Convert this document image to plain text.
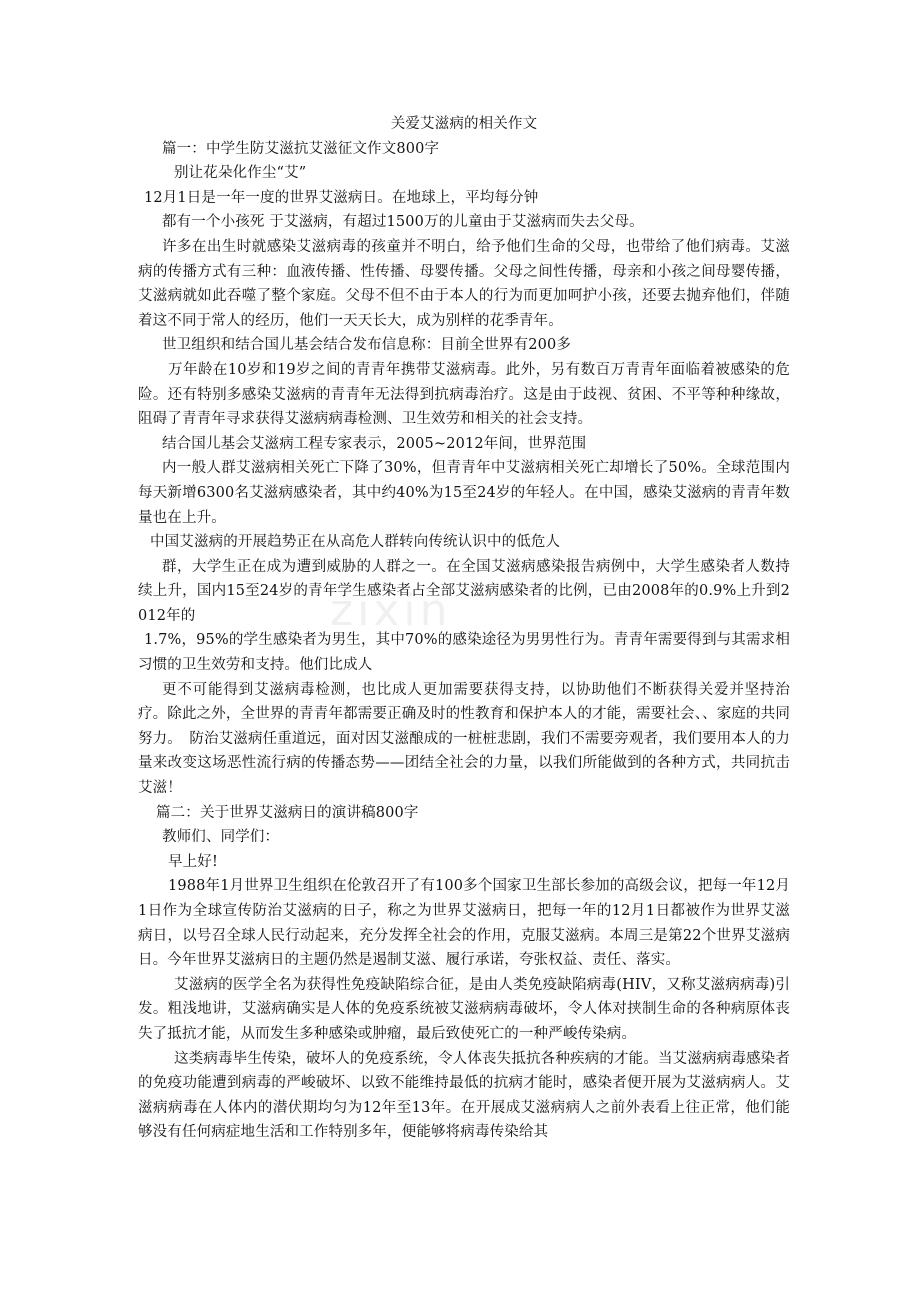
关爱艾滋病的相关作文

篇一：中学生防艾滋抗艾滋征文作文800字

别让花朵化作尘“艾”

12月1日是一年一度的世界艾滋病日。在地球上，平均每分钟

都有一个小孩死 于艾滋病，有超过1500万的儿童由于艾滋病而失去父母。

许多在出生时就感染艾滋病毒的孩童并不明白，给予他们生命的父母，也带给了他们病毒。艾滋病的传播方式有三种：血液传播、性传播、母婴传播。父母之间性传播，母亲和小孩之间母婴传播，艾滋病就如此吞噬了整个家庭。父母不但不由于本人的行为而更加呵护小孩，还要去抛弃他们，伴随着这不同于常人的经历，他们一天天长大，成为别样的花季青年。

世卫组织和结合国儿基会结合发布信息称：目前全世界有200多

万年龄在10岁和19岁之间的青青年携带艾滋病毒。此外，另有数百万青青年面临着被感染的危险。还有特别多感染艾滋病的青青年无法得到抗病毒治疗。这是由于歧视、贫困、不平等种种缘故，阻碍了青青年寻求获得艾滋病病毒检测、卫生效劳和相关的社会支持。

结合国儿基会艾滋病工程专家表示，2005~2012年间，世界范围

内一般人群艾滋病相关死亡下降了30%，但青青年中艾滋病相关死亡却增长了50%。全球范围内每天新增6300名艾滋病感染者，其中约40%为15至24岁的年轻人。在中国，感染艾滋病的青青年数量也在上升。

中国艾滋病的开展趋势正在从高危人群转向传统认识中的低危人

群，大学生正在成为遭到威胁的人群之一。在全国艾滋病感染报告病例中，大学生感染者人数持续上升，国内15至24岁的青年学生感染者占全部艾滋病感染者的比例，已由2008年的0.9%上升到2012年的

1.7%，95%的学生感染者为男生，其中70%的感染途径为男男性行为。青青年需要得到与其需求相习惯的卫生效劳和支持。他们比成人

更不可能得到艾滋病毒检测，也比成人更加需要获得支持，以协助他们不断获得关爱并坚持治疗。除此之外，全世界的青青年都需要正确及时的性教育和保护本人的才能，需要社会、、家庭的共同努力。　防治艾滋病任重道远，面对因艾滋酿成的一桩桩悲剧，我们不需要旁观者，我们要用本人的力量来改变这场恶性流行病的传播态势——团结全社会的力量，以我们所能做到的各种方式，共同抗击艾滋！

篇二：关于世界艾滋病日的演讲稿800字

教师们、同学们：

早上好!

1988年1月世界卫生组织在伦敦召开了有100多个国家卫生部长参加的高级会议，把每一年12月1日作为全球宣传防治艾滋病的日子，称之为世界艾滋病日，把每一年的12月1日都被作为世界艾滋病日，以号召全球人民行动起来，充分发挥全社会的作用，克服艾滋病。本周三是第22个世界艾滋病日。今年世界艾滋病日的主题仍然是遏制艾滋、履行承诺，夸张权益、责任、落实。

艾滋病的医学全名为获得性免疫缺陷综合征，是由人类免疫缺陷病毒(HIV，又称艾滋病病毒)引发。粗浅地讲，艾滋病确实是人体的免疫系统被艾滋病病毒破坏，令人体对挟制生命的各种病原体丧失了抵抗才能，从而发生多种感染或肿瘤，最后致使死亡的一种严峻传染病。

这类病毒毕生传染，破坏人的免疫系统，令人体丧失抵抗各种疾病的才能。当艾滋病病毒感染者的免疫功能遭到病毒的严峻破坏、以致不能维持最低的抗病才能时，感染者便开展为艾滋病病人。艾滋病病毒在人体内的潜伏期均匀为12年至13年。在开展成艾滋病病人之前外表看上往正常，他们能够没有任何病症地生活和工作特别多年，便能够将病毒传染给其

zixin
